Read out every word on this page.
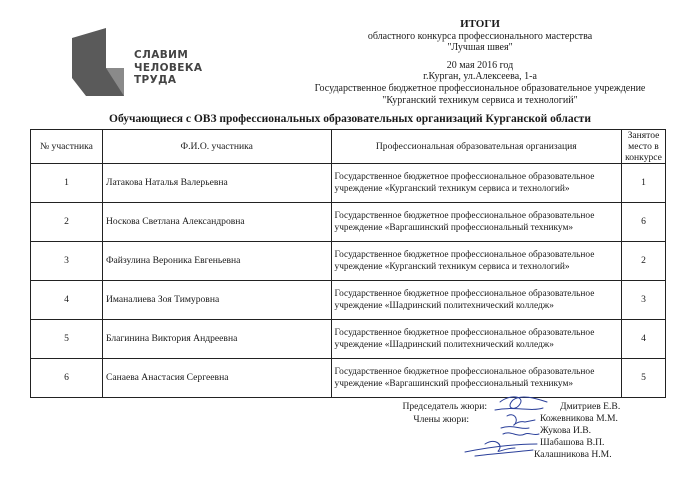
СЛАВИМ
ЧЕЛОВЕКА
ТРУДА
ИТОГИ
областного конкурса профессионального мастерства
"Лучшая швея"
20 мая 2016 год
г.Курган, ул.Алексеева, 1-а
Государственное бюджетное профессиональное образовательное учреждение
"Курганский техникум сервиса и технологий"
Обучающиеся с ОВЗ профессиональных образовательных организаций Курганской области
№ участника	Ф.И.О. участника	Профессиональная образовательная организация	Занятое место в конкурсе
1	Латакова Наталья Валерьевна	Государственное бюджетное профессиональное образовательное
учреждение «Курганский техникум сервиса и технологий»	1
2	Носкова Светлана Александровна	Государственное бюджетное профессиональное образовательное
учреждение «Варгашинский профессиональный техникум»	6
3	Файзулина Вероника Евгеньевна	Государственное бюджетное профессиональное образовательное
учреждение «Курганский техникум сервиса и технологий»	2
4	Иманалиева Зоя Тимуровна	Государственное бюджетное профессиональное образовательное
учреждение «Шадринский политехнический колледж»	3
5	Благинина Виктория Андреевна	Государственное бюджетное профессиональное образовательное
учреждение «Шадринский политехнический колледж»	4
6	Санаева Анастасия Сергеевна	Государственное бюджетное профессиональное образовательное
учреждение «Варгашинский профессиональный техникум»	5
Председатель жюри:
Члены жюри:
Дмитриев Е.В.
Кожевникова М.М.
Жукова И.В.
Шабашова В.П.
Калашникова Н.М.
